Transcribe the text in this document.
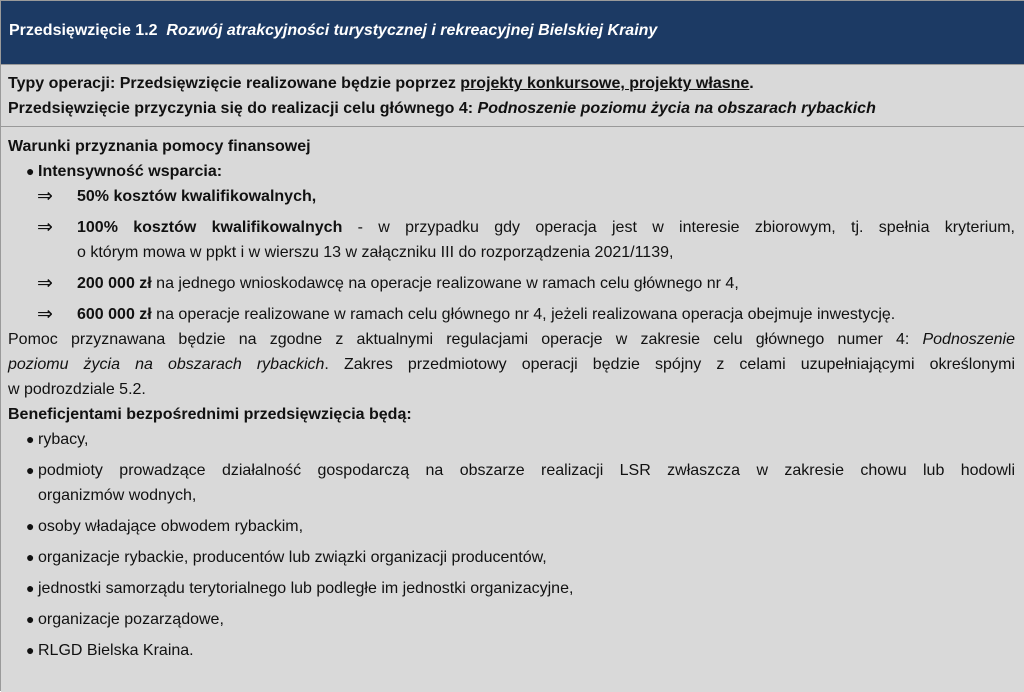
Przedsięwzięcie 1.2 Rozwój atrakcyjności turystycznej i rekreacyjnej Bielskiej Krainy
Typy operacji: Przedsięwzięcie realizowane będzie poprzez projekty konkursowe, projekty własne.
Przedsięwzięcie przyczynia się do realizacji celu głównego 4: Podnoszenie poziomu życia na obszarach rybackich

Warunki przyznania pomocy finansowej

● Intensywność wsparcia:
⇒	50% kosztów kwalifikowalnych,
⇒	100% kosztów kwalifikowalnych - w przypadku gdy operacja jest w interesie zbiorowym, tj. spełnia kryterium,
o którym mowa w ppkt i w wierszu 13 w załączniku III do rozporządzenia 2021/1139,
⇒	200 000 zł na jednego wnioskodawcę na operacje realizowane w ramach celu głównego nr 4,
⇒	600 000 zł na operacje realizowane w ramach celu głównego nr 4, jeżeli realizowana operacja obejmuje inwestycję.
Pomoc przyznawana będzie na zgodne z aktualnymi regulacjami operacje w zakresie celu głównego numer 4: Podnoszenie
poziomu życia na obszarach rybackich. Zakres przedmiotowy operacji będzie spójny z celami uzupełniającymi określonymi
w podrozdziale 5.2.

Beneficjentami bezpośrednimi przedsięwzięcia będą:

● rybacy,
● podmioty prowadzące działalność gospodarczą na obszarze realizacji LSR zwłaszcza w zakresie chowu lub hodowli
organizmów wodnych,
● osoby władające obwodem rybackim,
● organizacje rybackie, producentów lub związki organizacji producentów,
● jednostki samorządu terytorialnego lub podległe im jednostki organizacyjne,
● organizacje pozarządowe,
● RLGD Bielska Kraina.
